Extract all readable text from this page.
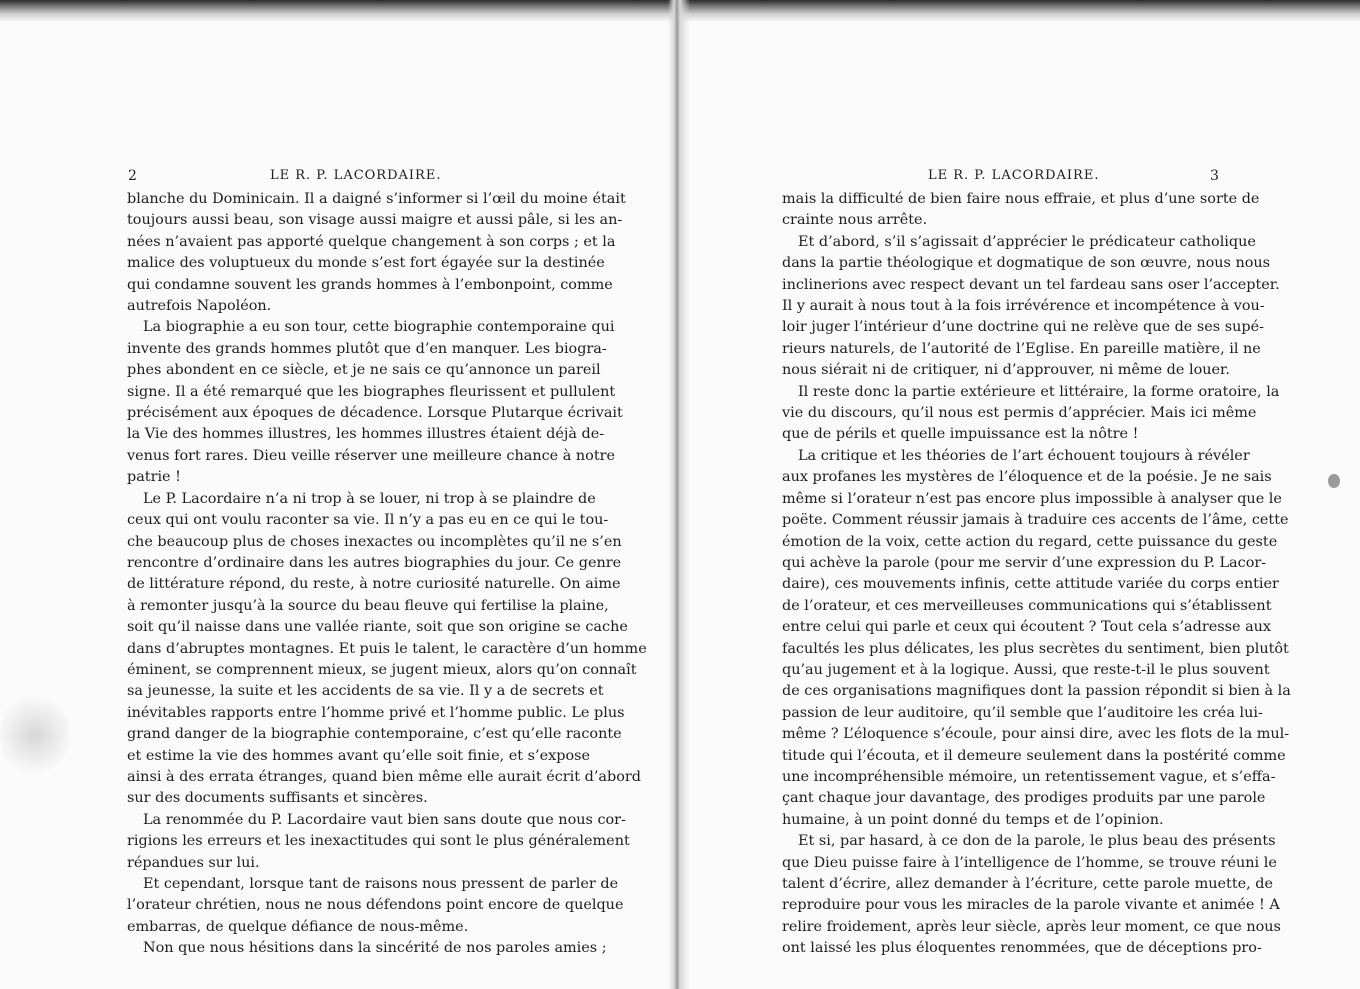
2	LE R. P. LACORDAIRE.
blanche du Dominicain. Il a daigné s’informer si l’œil du moine était
toujours aussi beau, son visage aussi maigre et aussi pâle, si les an-
nées n’avaient pas apporté quelque changement à son corps ; et la
malice des voluptueux du monde s’est fort égayée sur la destinée
qui condamne souvent les grands hommes à l’embonpoint, comme
autrefois Napoléon.
La biographie a eu son tour, cette biographie contemporaine qui
invente des grands hommes plutôt que d’en manquer. Les biogra-
phes abondent en ce siècle, et je ne sais ce qu’annonce un pareil
signe. Il a été remarqué que les biographes fleurissent et pullulent
précisément aux époques de décadence. Lorsque Plutarque écrivait
la Vie des hommes illustres, les hommes illustres étaient déjà de-
venus fort rares. Dieu veille réserver une meilleure chance à notre
patrie !
Le P. Lacordaire n’a ni trop à se louer, ni trop à se plaindre de
ceux qui ont voulu raconter sa vie. Il n’y a pas eu en ce qui le tou-
che beaucoup plus de choses inexactes ou incomplètes qu’il ne s’en
rencontre d’ordinaire dans les autres biographies du jour. Ce genre
de littérature répond, du reste, à notre curiosité naturelle. On aime
à remonter jusqu’à la source du beau fleuve qui fertilise la plaine,
soit qu’il naisse dans une vallée riante, soit que son origine se cache
dans d’abruptes montagnes. Et puis le talent, le caractère d’un homme
éminent, se comprennent mieux, se jugent mieux, alors qu’on connaît
sa jeunesse, la suite et les accidents de sa vie. Il y a de secrets et
inévitables rapports entre l’homme privé et l’homme public. Le plus
grand danger de la biographie contemporaine, c’est qu’elle raconte
et estime la vie des hommes avant qu’elle soit finie, et s’expose
ainsi à des errata étranges, quand bien même elle aurait écrit d’abord
sur des documents suffisants et sincères.
La renommée du P. Lacordaire vaut bien sans doute que nous cor-
rigions les erreurs et les inexactitudes qui sont le plus généralement
répandues sur lui.
Et cependant, lorsque tant de raisons nous pressent de parler de
l’orateur chrétien, nous ne nous défendons point encore de quelque
embarras, de quelque défiance de nous-même.
Non que nous hésitions dans la sincérité de nos paroles amies ;
LE R. P. LACORDAIRE.	3
mais la difficulté de bien faire nous effraie, et plus d’une sorte de
crainte nous arrête.
Et d’abord, s’il s’agissait d’apprécier le prédicateur catholique
dans la partie théologique et dogmatique de son œuvre, nous nous
inclinerions avec respect devant un tel fardeau sans oser l’accepter.
Il y aurait à nous tout à la fois irrévérence et incompétence à vou-
loir juger l’intérieur d’une doctrine qui ne relève que de ses supé-
rieurs naturels, de l’autorité de l’Eglise. En pareille matière, il ne
nous siérait ni de critiquer, ni d’approuver, ni même de louer.
Il reste donc la partie extérieure et littéraire, la forme oratoire, la
vie du discours, qu’il nous est permis d’apprécier. Mais ici même
que de périls et quelle impuissance est la nôtre !
La critique et les théories de l’art échouent toujours à révéler
aux profanes les mystères de l’éloquence et de la poésie. Je ne sais
même si l’orateur n’est pas encore plus impossible à analyser que le
poëte. Comment réussir jamais à traduire ces accents de l’âme, cette
émotion de la voix, cette action du regard, cette puissance du geste
qui achève la parole (pour me servir d’une expression du P. Lacor-
daire), ces mouvements infinis, cette attitude variée du corps entier
de l’orateur, et ces merveilleuses communications qui s’établissent
entre celui qui parle et ceux qui écoutent ? Tout cela s’adresse aux
facultés les plus délicates, les plus secrètes du sentiment, bien plutôt
qu’au jugement et à la logique. Aussi, que reste-t-il le plus souvent
de ces organisations magnifiques dont la passion répondit si bien à la
passion de leur auditoire, qu’il semble que l’auditoire les créa lui-
même ? L’éloquence s’écoule, pour ainsi dire, avec les flots de la mul-
titude qui l’écouta, et il demeure seulement dans la postérité comme
une incompréhensible mémoire, un retentissement vague, et s’effa-
çant chaque jour davantage, des prodiges produits par une parole
humaine, à un point donné du temps et de l’opinion.
Et si, par hasard, à ce don de la parole, le plus beau des présents
que Dieu puisse faire à l’intelligence de l’homme, se trouve réuni le
talent d’écrire, allez demander à l’écriture, cette parole muette, de
reproduire pour vous les miracles de la parole vivante et animée ! A
relire froidement, après leur siècle, après leur moment, ce que nous
ont laissé les plus éloquentes renommées, que de déceptions pro-
